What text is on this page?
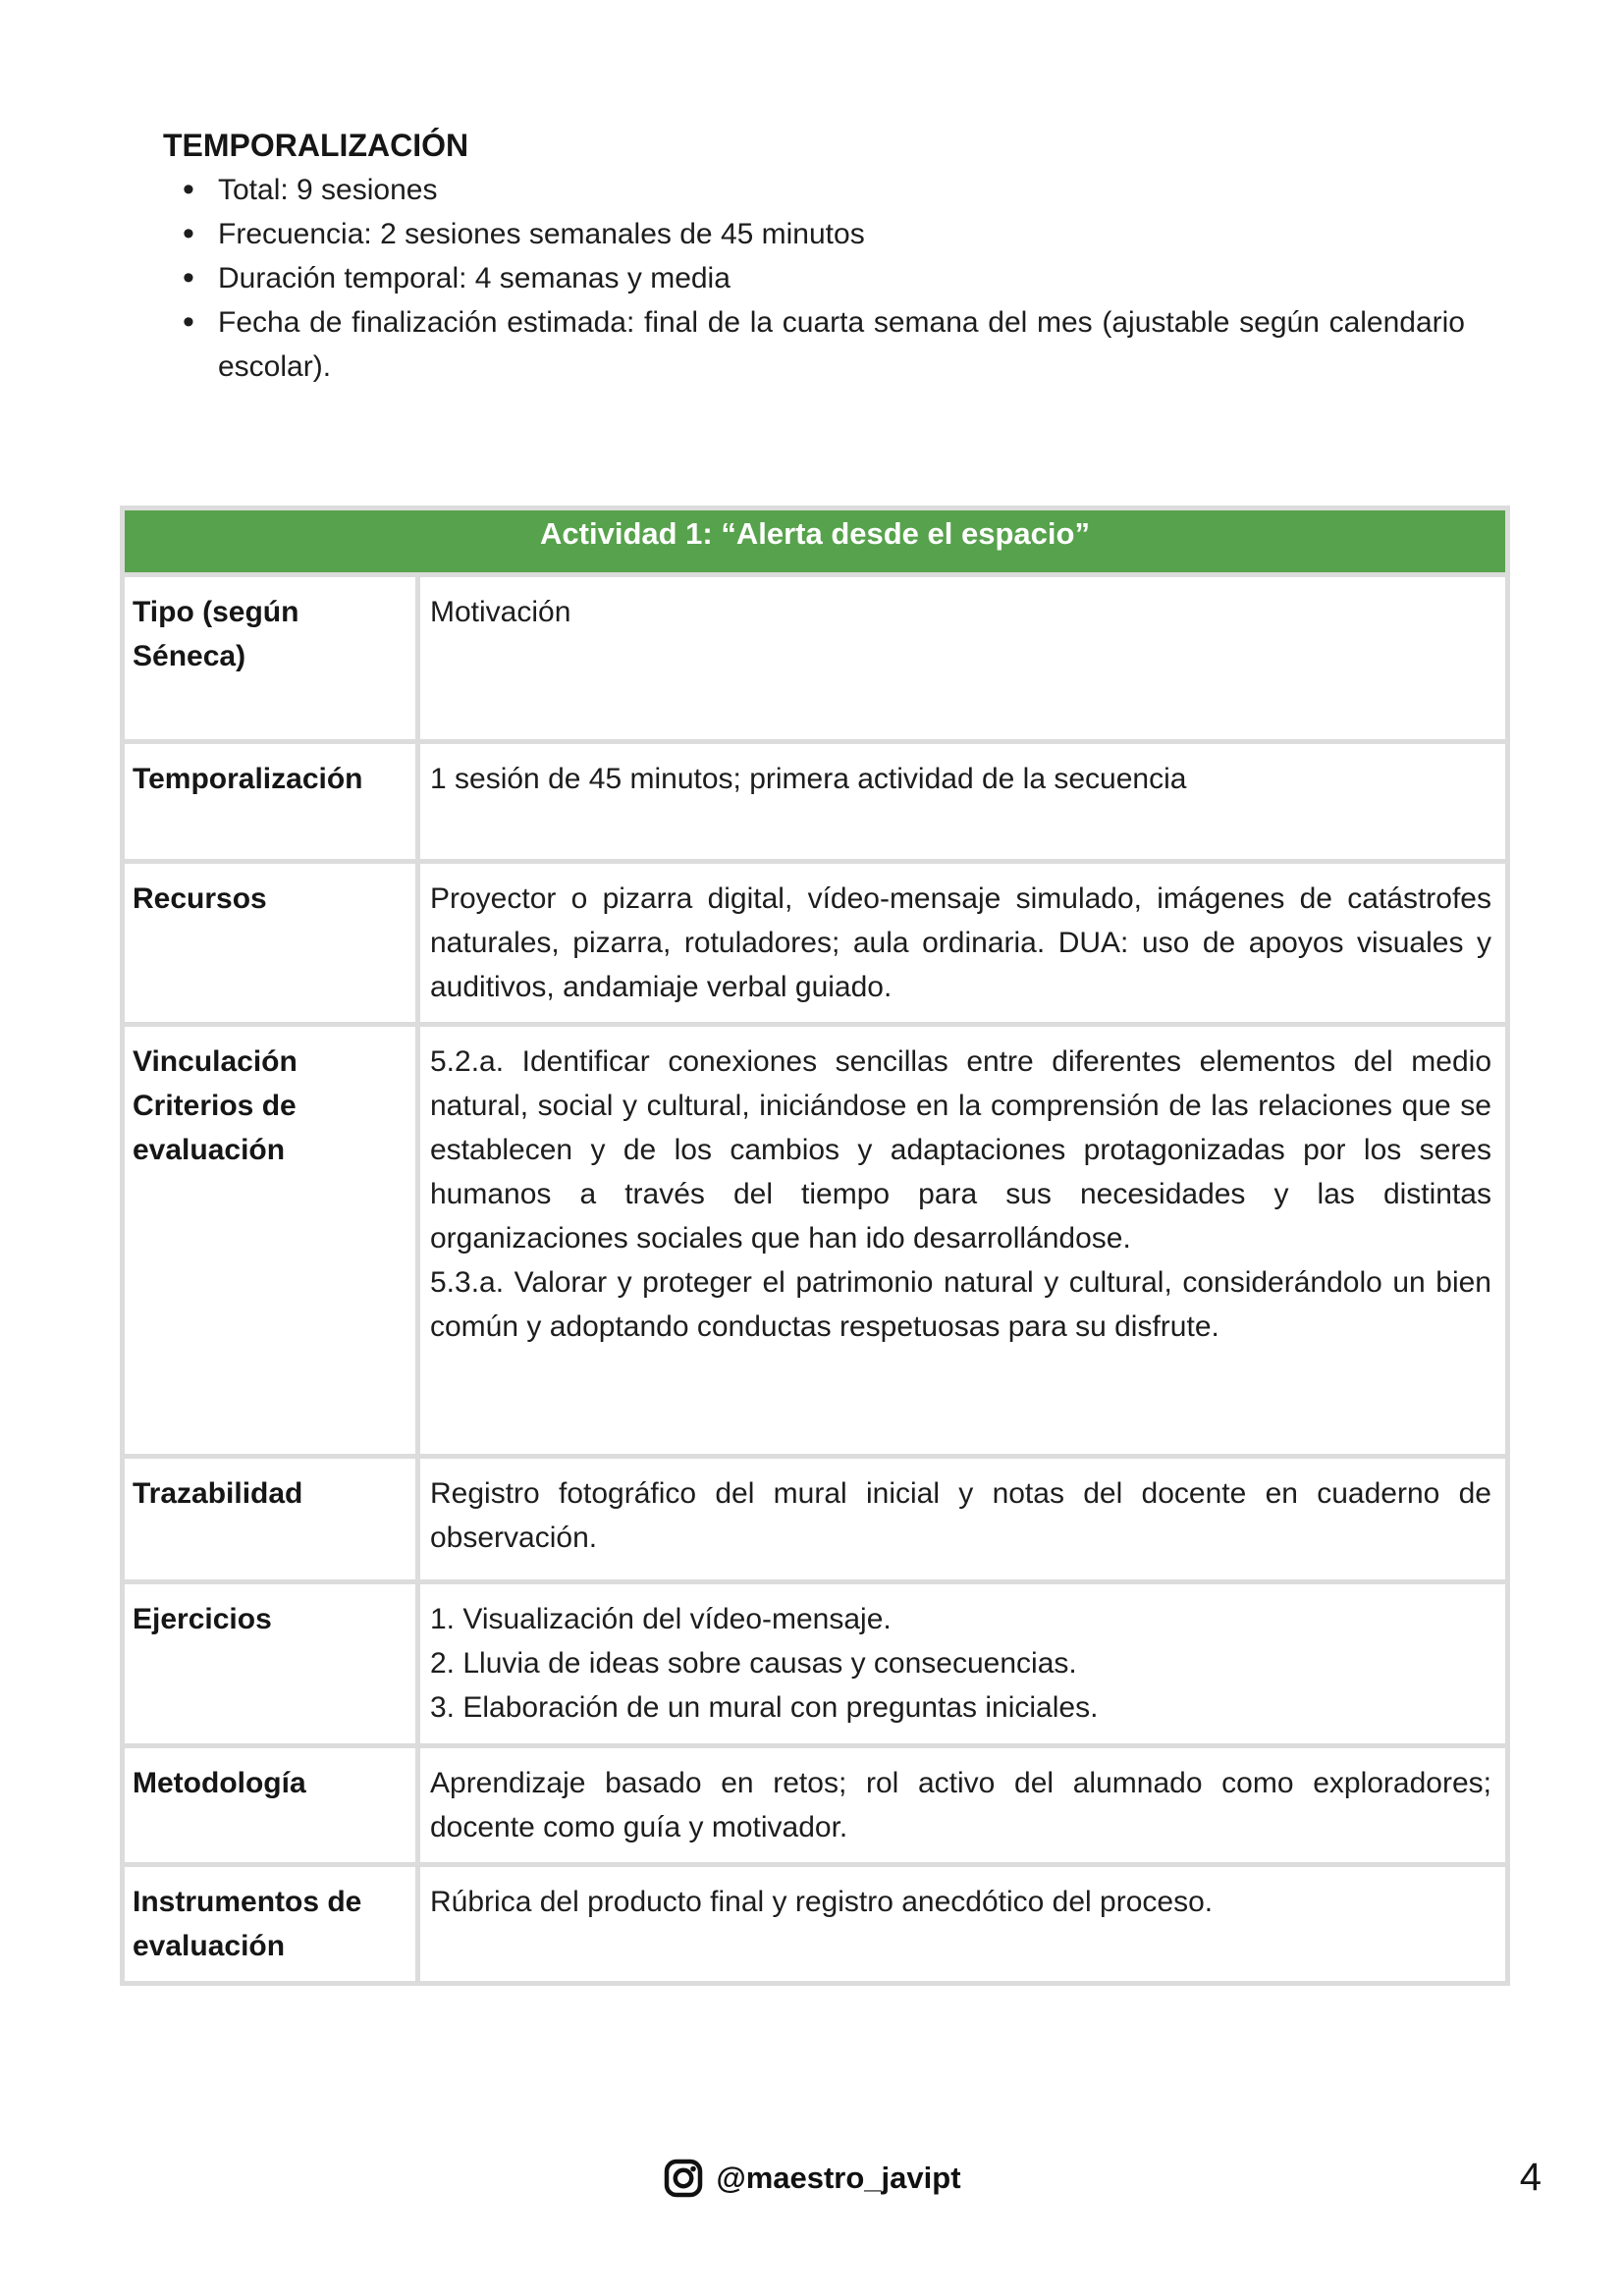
TEMPORALIZACIÓN
• Total: 9 sesiones
• Frecuencia: 2 sesiones semanales de 45 minutos
• Duración temporal: 4 semanas y media
• Fecha de finalización estimada: final de la cuarta semana del mes (ajustable según calendario escolar).
Actividad 1: “Alerta desde el espacio”	
Tipo (según Séneca)	Motivación
Temporalización	1 sesión de 45 minutos; primera actividad de la secuencia
Recursos	Proyector o pizarra digital, vídeo-mensaje simulado, imágenes de catástrofes naturales, pizarra, rotuladores; aula ordinaria. DUA: uso de apoyos visuales y auditivos, andamiaje verbal guiado.
Vinculación Criterios de evaluación	5.2.a. Identificar conexiones sencillas entre diferentes elementos del medio natural, social y cultural, iniciándose en la comprensión de las relaciones que se establecen y de los cambios y adaptaciones protagonizadas por los seres humanos a través del tiempo para sus necesidades y las distintas organizaciones sociales que han ido desarrollándose.

5.3.a. Valorar y proteger el patrimonio natural y cultural, considerándolo un bien común y adoptando conductas respetuosas para su disfrute.

Trazabilidad	Registro fotográfico del mural inicial y notas del docente en cuaderno de observación.
Ejercicios	1. Visualización del vídeo-mensaje.
2. Lluvia de ideas sobre causas y consecuencias.
3. Elaboración de un mural con preguntas iniciales.

Metodología	Aprendizaje basado en retos; rol activo del alumnado como exploradores; docente como guía y motivador.
Instrumentos de evaluación	Rúbrica del producto final y registro anecdótico del proceso.
@maestro_javipt	4
